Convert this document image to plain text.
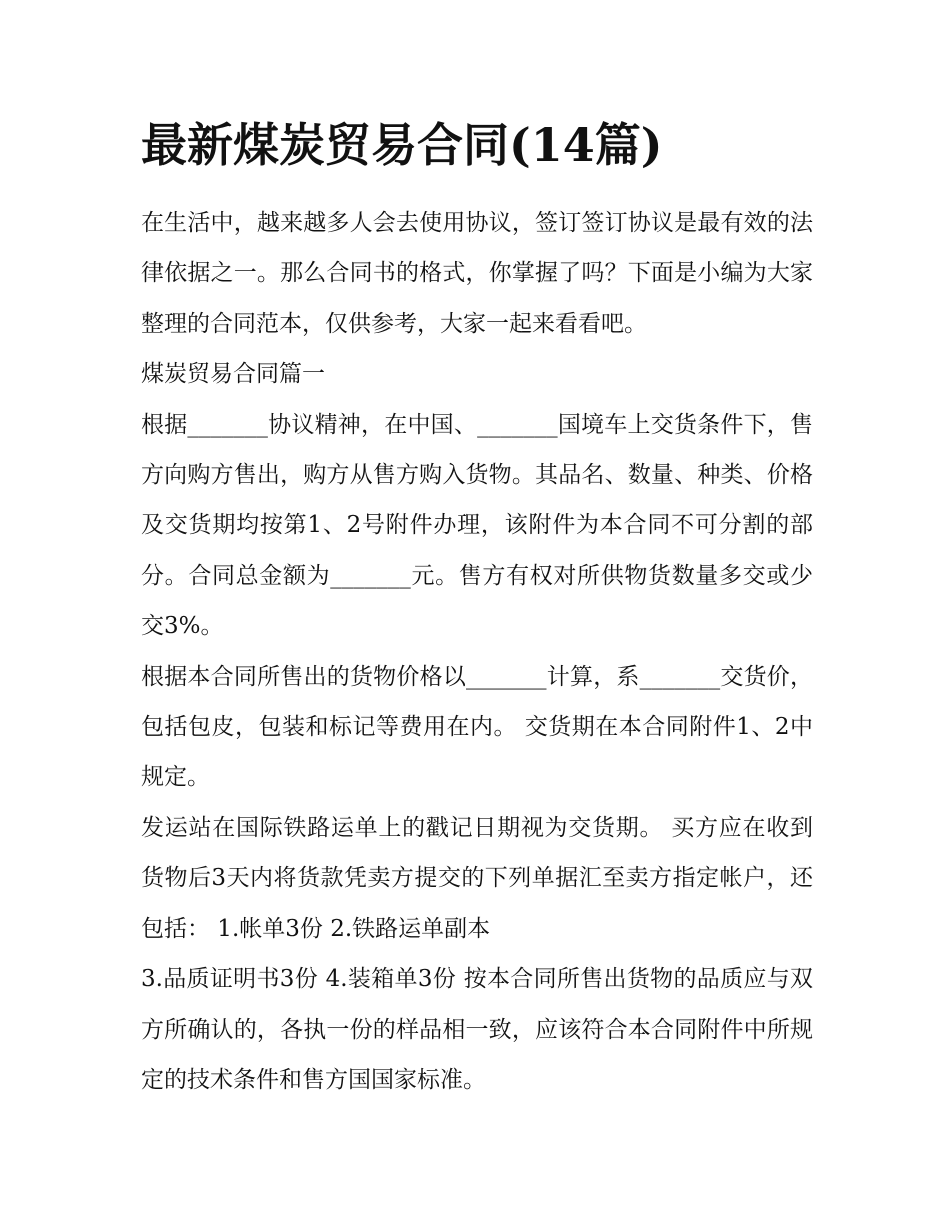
最新煤炭贸易合同(14篇)

在生活中，越来越多人会去使用协议，签订签订协议是最有效的法律依据之一。那么合同书的格式，你掌握了吗？下面是小编为大家整理的合同范本，仅供参考，大家一起来看看吧。

煤炭贸易合同篇一

根据_______协议精神，在中国、_______国境车上交货条件下，售方向购方售出，购方从售方购入货物。其品名、数量、种类、价格及交货期均按第1、2号附件办理，该附件为本合同不可分割的部分。合同总金额为_______元。售方有权对所供物货数量多交或少交3%。

根据本合同所售出的货物价格以_______计算，系_______交货价，包括包皮，包装和标记等费用在内。 交货期在本合同附件1、2中规定。

发运站在国际铁路运单上的戳记日期视为交货期。 买方应在收到货物后3天内将货款凭卖方提交的下列单据汇至卖方指定帐户，还包括： 1.帐单3份 2.铁路运单副本

3.品质证明书3份 4.装箱单3份 按本合同所售出货物的品质应与双方所确认的，各执一份的样品相一致，应该符合本合同附件中所规定的技术条件和售方国国家标准。
